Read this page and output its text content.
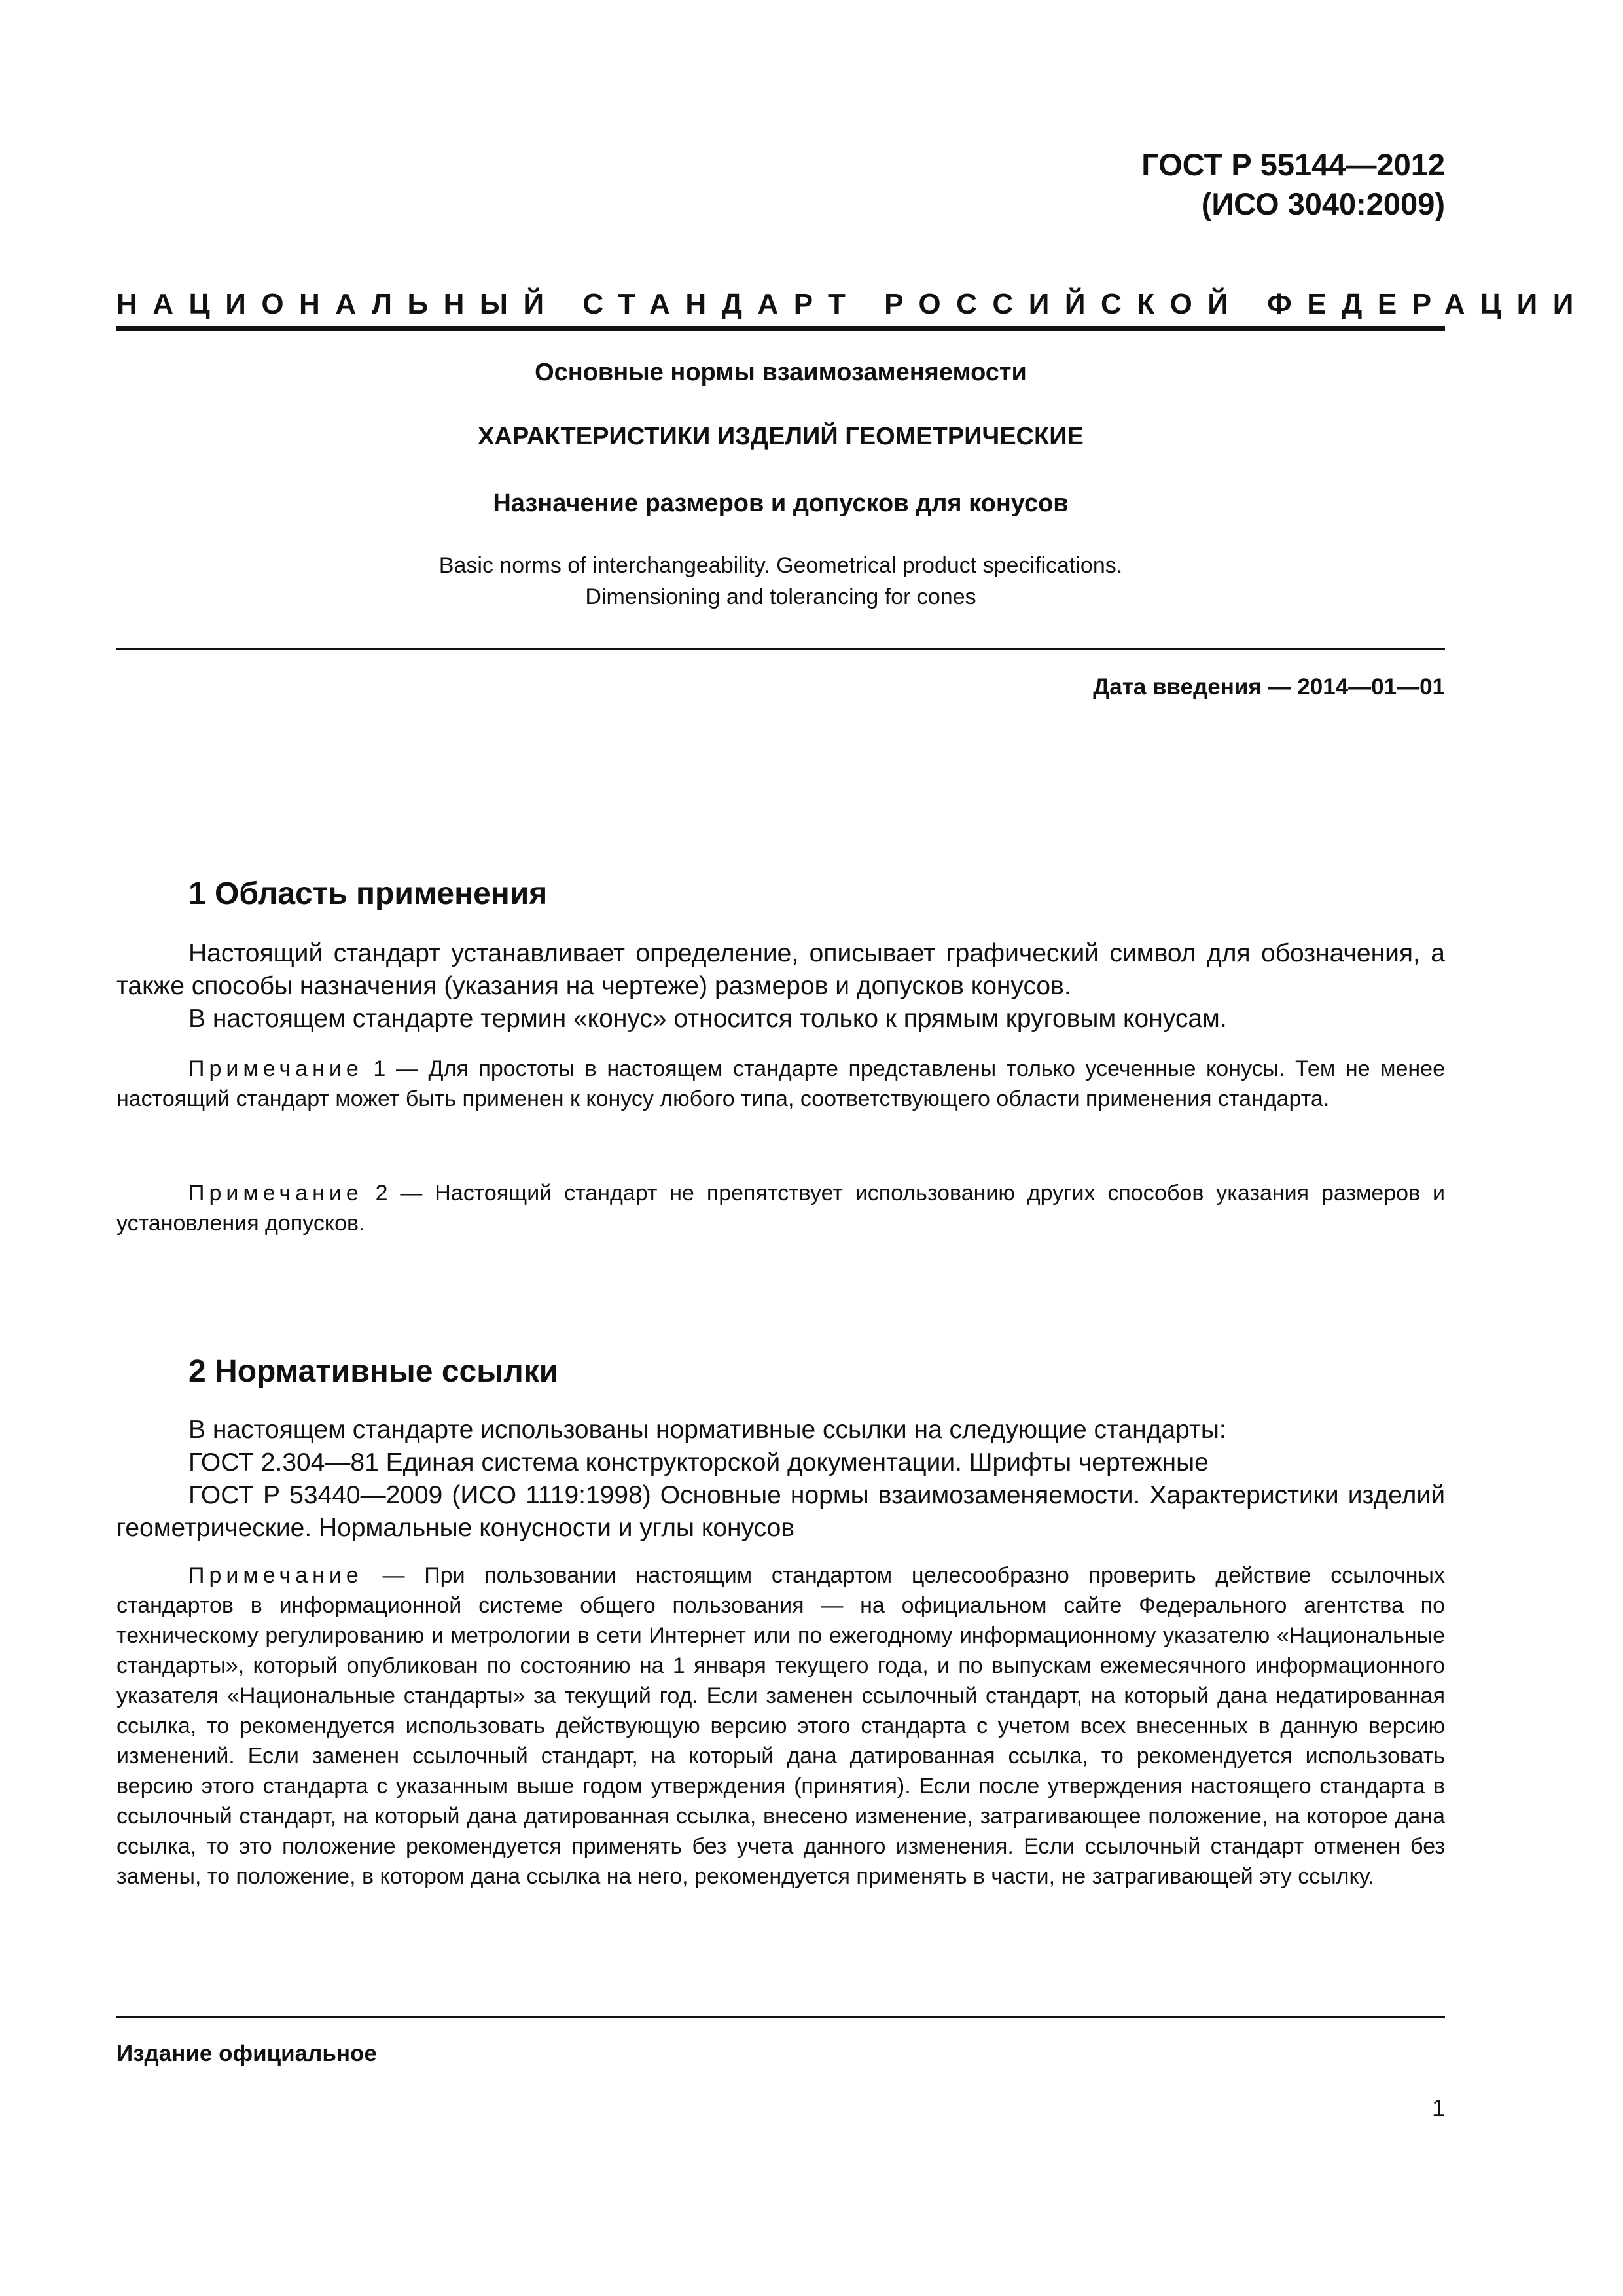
ГОСТ Р 55144—2012
(ИСО 3040:2009)
НАЦИОНАЛЬНЫЙ СТАНДАРТ РОССИЙСКОЙ ФЕДЕРАЦИИ
Основные нормы взаимозаменяемости
ХАРАКТЕРИСТИКИ ИЗДЕЛИЙ ГЕОМЕТРИЧЕСКИЕ
Назначение размеров и допусков для конусов
Basic norms of interchangeability. Geometrical product specifications.
Dimensioning and tolerancing for cones
Дата введения — 2014—01—01
1 Область применения

Настоящий стандарт устанавливает определение, описывает графический символ для обозначения, а также способы назначения (указания на чертеже) размеров и допусков конусов.

В настоящем стандарте термин «конус» относится только к прямым круговым конусам.

Примечание 1 — Для простоты в настоящем стандарте представлены только усеченные конусы. Тем не менее настоящий стандарт может быть применен к конусу любого типа, соответствующего области применения стандарта.

Примечание 2 — Настоящий стандарт не препятствует использованию других способов указания размеров и установления допусков.

2 Нормативные ссылки

В настоящем стандарте использованы нормативные ссылки на следующие стандарты:

ГОСТ 2.304—81 Единая система конструкторской документации. Шрифты чертежные

ГОСТ Р 53440—2009 (ИСО 1119:1998) Основные нормы взаимозаменяемости. Характеристики изделий геометрические. Нормальные конусности и углы конусов

Примечание — При пользовании настоящим стандартом целесообразно проверить действие ссылочных стандартов в информационной системе общего пользования — на официальном сайте Федерального агентства по техническому регулированию и метрологии в сети Интернет или по ежегодному информационному указателю «Национальные стандарты», который опубликован по состоянию на 1 января текущего года, и по выпускам ежемесячного информационного указателя «Национальные стандарты» за текущий год. Если заменен ссылочный стандарт, на который дана недатированная ссылка, то рекомендуется использовать действующую версию этого стандарта с учетом всех внесенных в данную версию изменений. Если заменен ссылочный стандарт, на который дана датированная ссылка, то рекомендуется использовать версию этого стандарта с указанным выше годом утверждения (принятия). Если после утверждения настоящего стандарта в ссылочный стандарт, на который дана датированная ссылка, внесено изменение, затрагивающее положение, на которое дана ссылка, то это положение рекомендуется применять без учета данного изменения. Если ссылочный стандарт отменен без замены, то положение, в котором дана ссылка на него, рекомендуется применять в части, не затрагивающей эту ссылку.

Издание официальное
1
